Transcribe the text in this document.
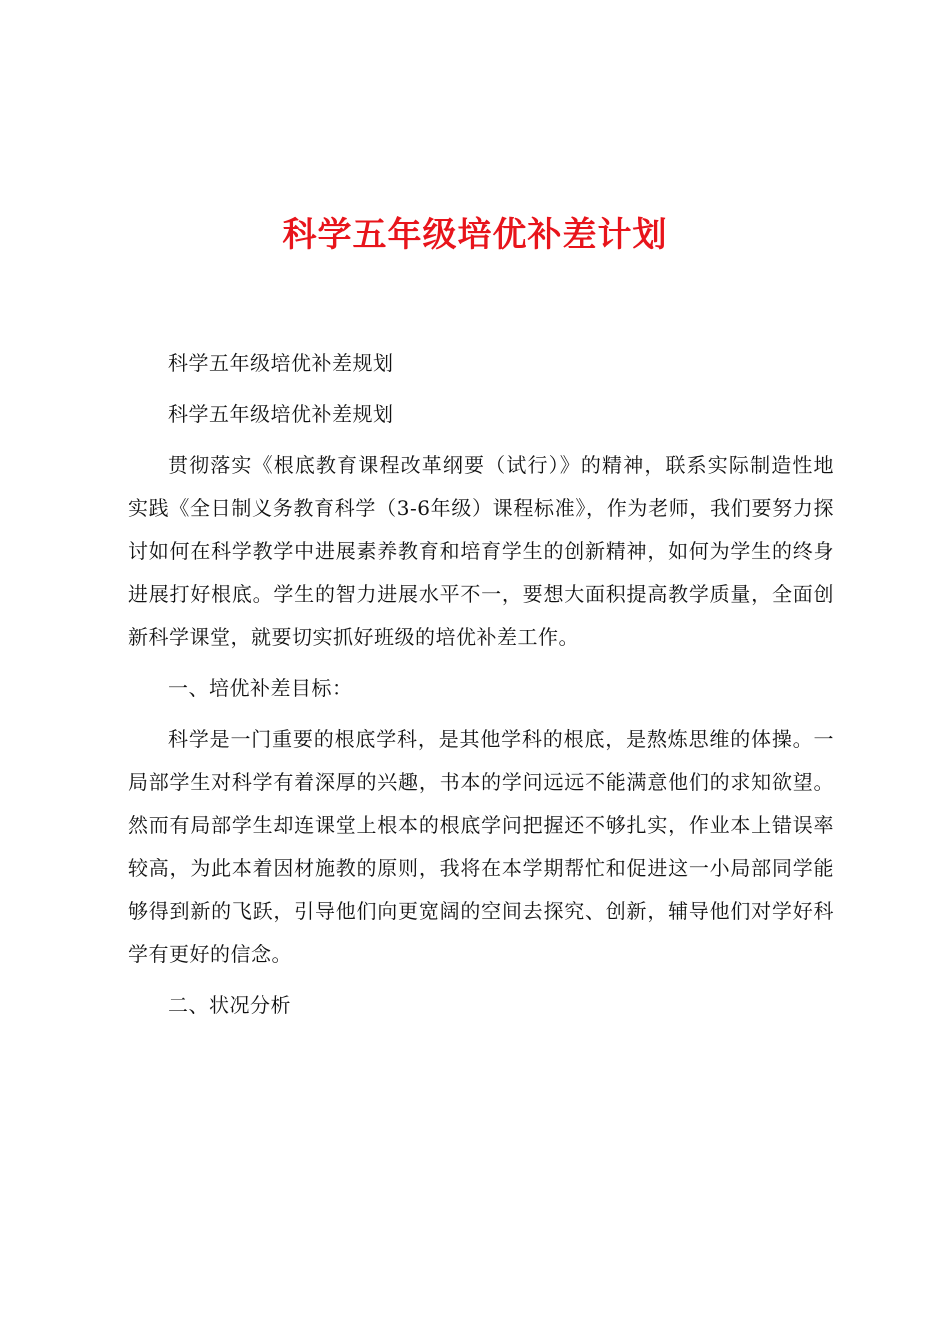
科学五年级培优补差计划

科学五年级培优补差规划

科学五年级培优补差规划

贯彻落实《根底教育课程改革纲要（试行）》的精神，联系实际制造性地实践《全日制义务教育科学（3-6年级）课程标准》，作为老师，我们要努力探讨如何在科学教学中进展素养教育和培育学生的创新精神，如何为学生的终身进展打好根底。学生的智力进展水平不一，要想大面积提高教学质量，全面创新科学课堂，就要切实抓好班级的培优补差工作。

一、培优补差目标：

科学是一门重要的根底学科，是其他学科的根底，是熬炼思维的体操。一局部学生对科学有着深厚的兴趣，书本的学问远远不能满意他们的求知欲望。然而有局部学生却连课堂上根本的根底学问把握还不够扎实，作业本上错误率较高，为此本着因材施教的原则，我将在本学期帮忙和促进这一小局部同学能够得到新的飞跃，引导他们向更宽阔的空间去探究、创新，辅导他们对学好科学有更好的信念。

二、状况分析
